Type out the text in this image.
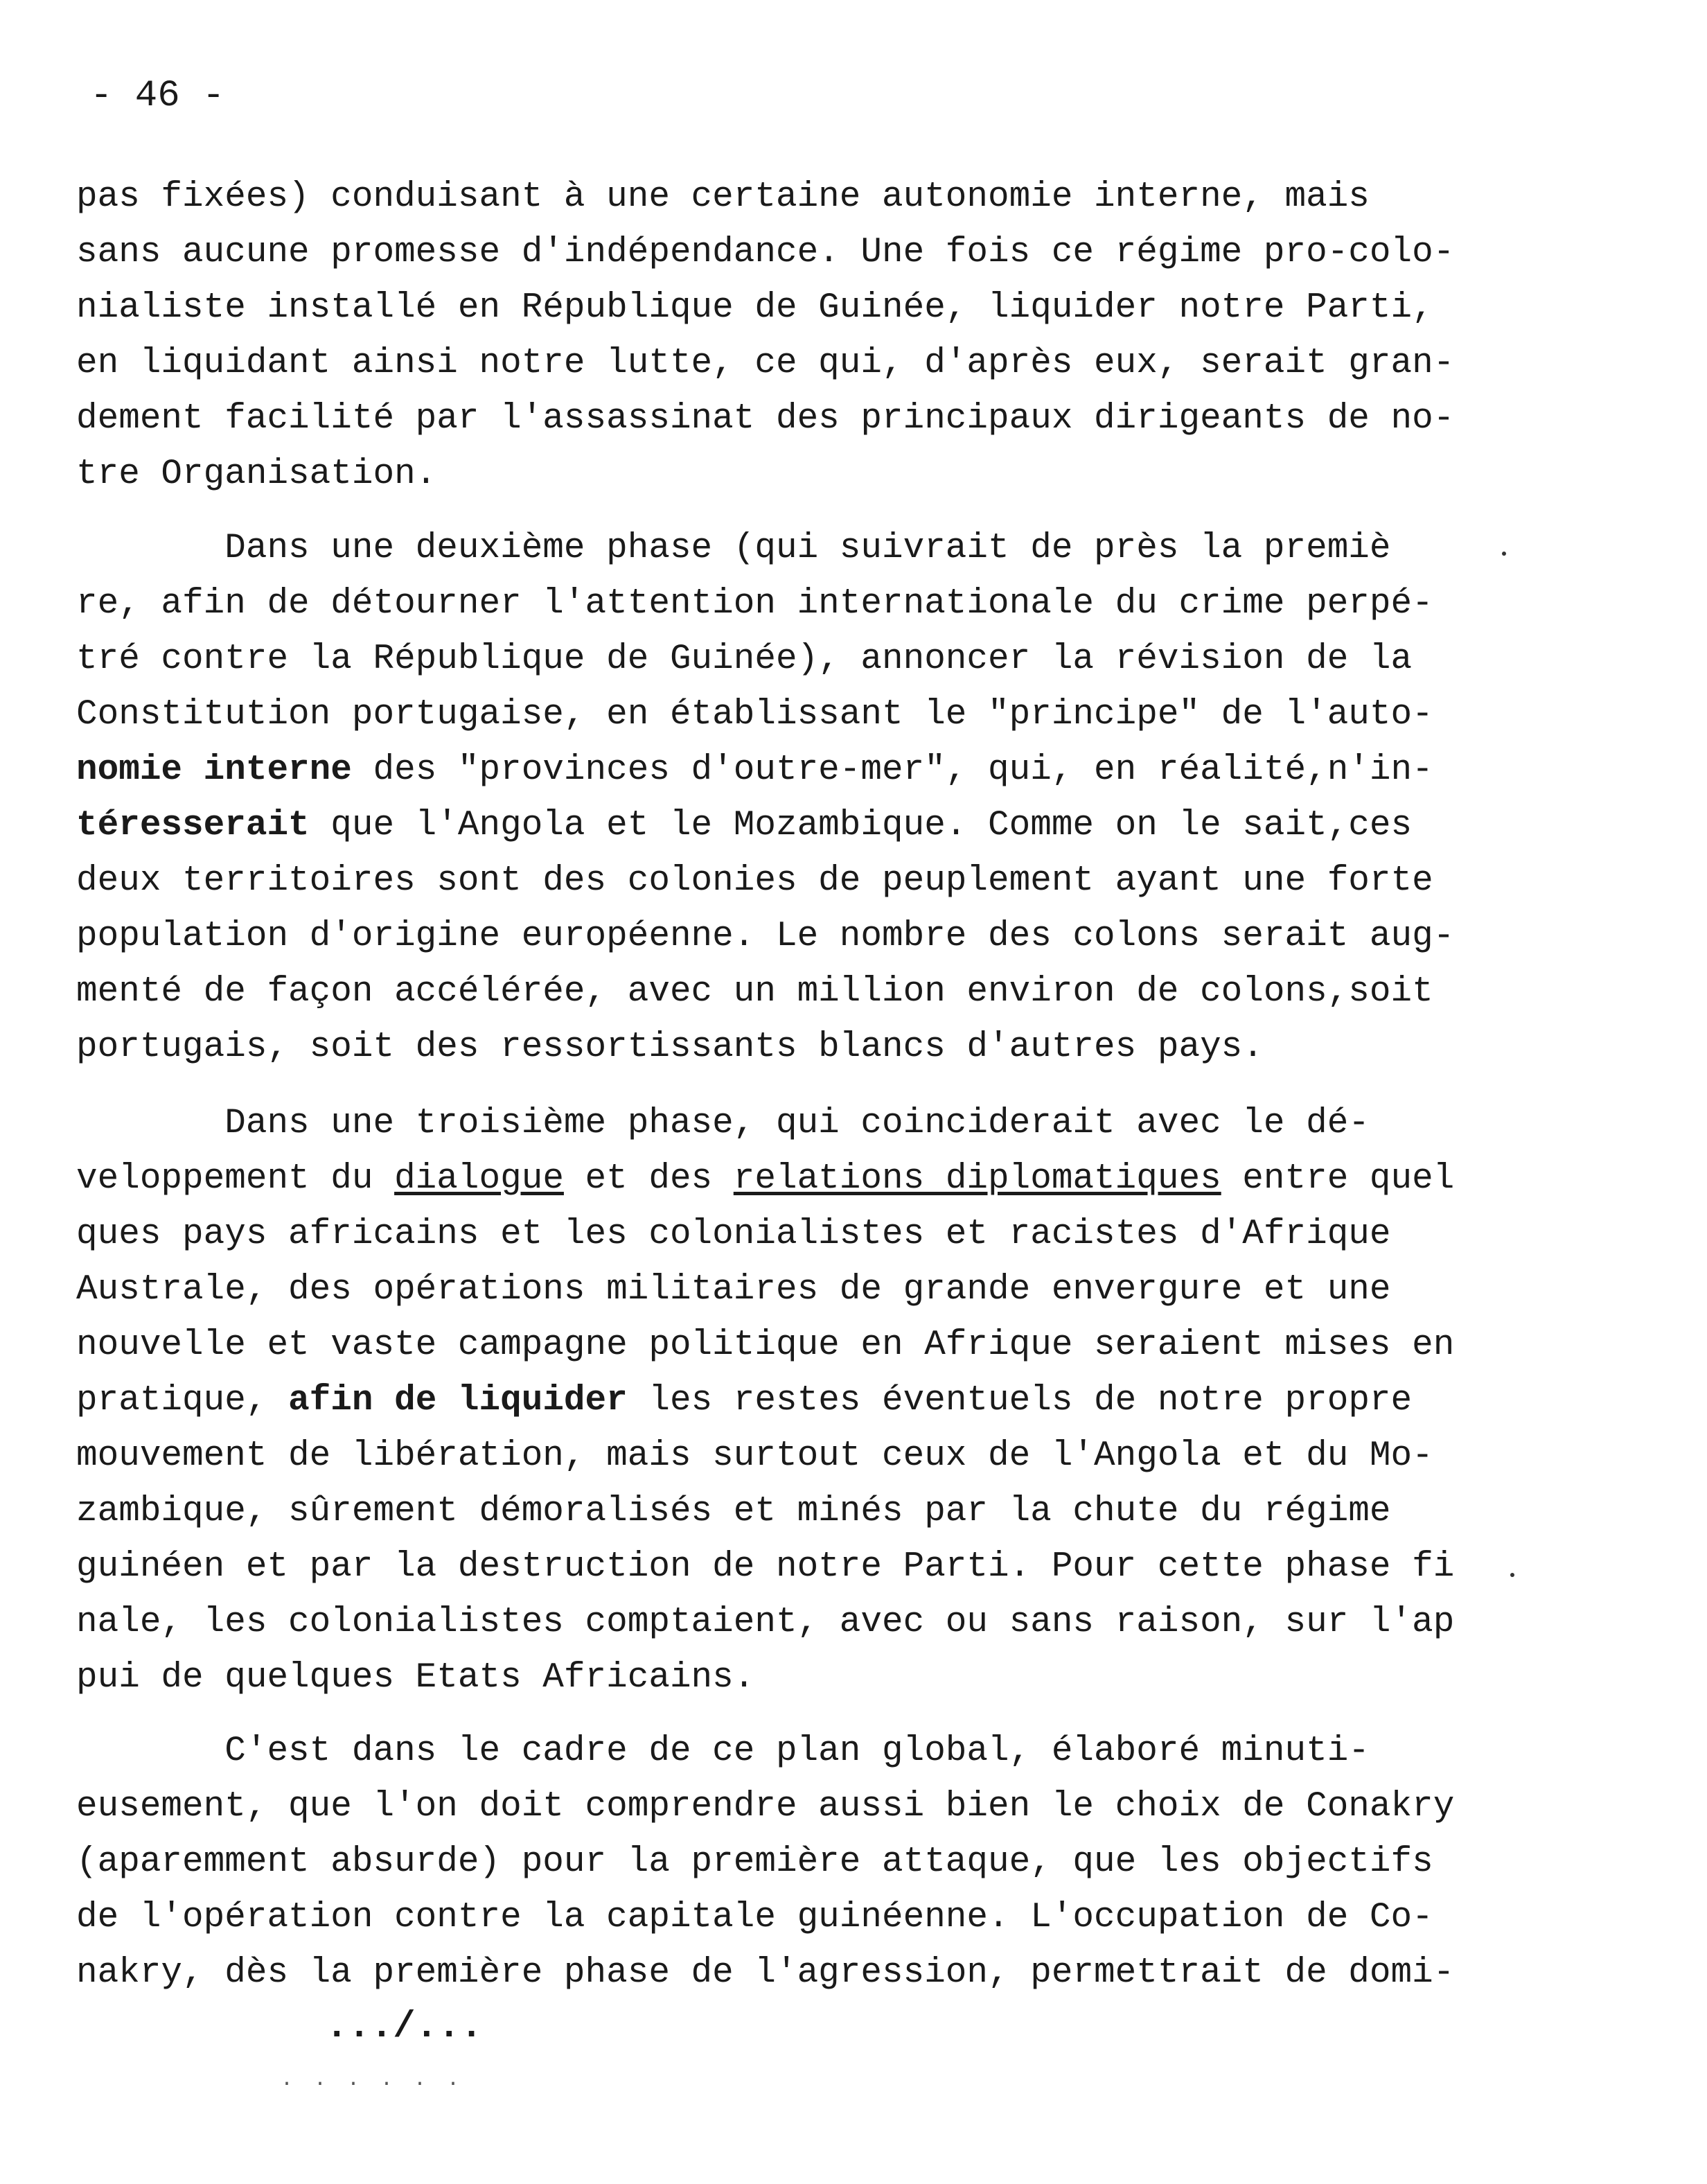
- 46 -
pas fixées) conduisant à une certaine autonomie interne, mais
sans aucune promesse d'indépendance. Une fois ce régime pro-colo-
nialiste installé en République de Guinée, liquider notre Parti,
en liquidant ainsi notre lutte, ce qui, d'après eux, serait gran-
dement facilité par l'assassinat des principaux dirigeants de no-
tre Organisation.
Dans une deuxième phase (qui suivrait de près la premiè
re, afin de détourner l'attention internationale du crime perpé-
tré contre la République de Guinée), annoncer la révision de la
Constitution portugaise, en établissant le "principe" de l'auto-
nomie interne des "provinces d'outre-mer", qui, en réalité,n'in-
téresserait que l'Angola et le Mozambique. Comme on le sait,ces
deux territoires sont des colonies de peuplement ayant une forte
population d'origine européenne. Le nombre des colons serait aug-
menté de façon accélérée, avec un million environ de colons,soit
portugais, soit des ressortissants blancs d'autres pays.
Dans une troisième phase, qui coinciderait avec le dé-
veloppement du dialogue et des relations diplomatiques entre quel
ques pays africains et les colonialistes et racistes d'Afrique
Australe, des opérations militaires de grande envergure et une
nouvelle et vaste campagne politique en Afrique seraient mises en
pratique, afin de liquider les restes éventuels de notre propre
mouvement de libération, mais surtout ceux de l'Angola et du Mo-
zambique, sûrement démoralisés et minés par la chute du régime
guinéen et par la destruction de notre Parti. Pour cette phase fi
nale, les colonialistes comptaient, avec ou sans raison, sur l'ap
pui de quelques Etats Africains.
C'est dans le cadre de ce plan global, élaboré minuti-
eusement, que l'on doit comprendre aussi bien le choix de Conakry
(aparemment absurde) pour la première attaque, que les objectifs
de l'opération contre la capitale guinéenne. L'occupation de Co-
nakry, dès la première phase de l'agression, permettrait de domi-
.../...
. . . . . .
